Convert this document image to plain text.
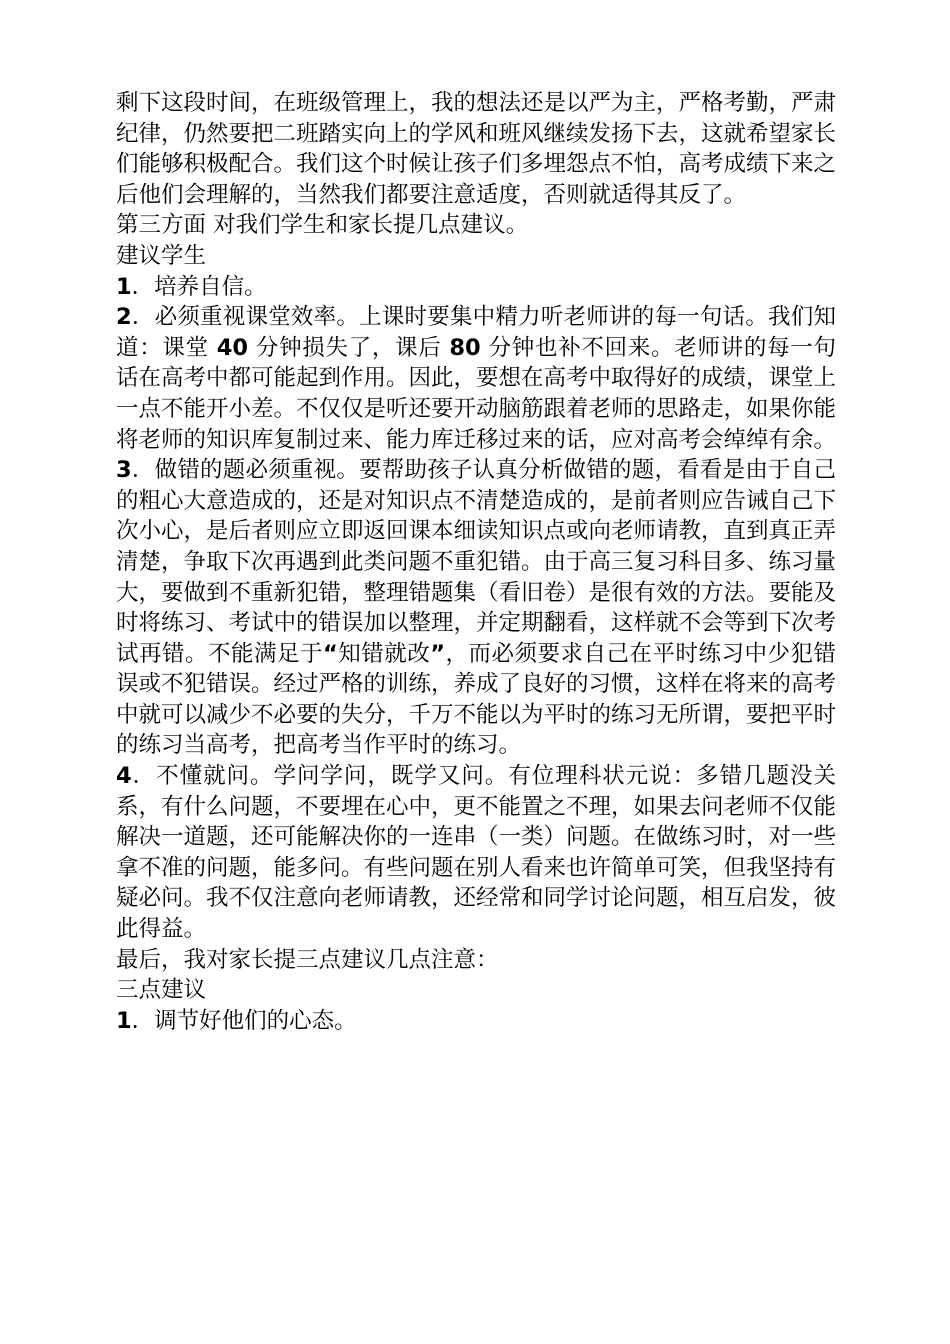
剩下这段时间，在班级管理上，我的想法还是以严为主，严格考勤，严肃纪律，仍然要把二班踏实向上的学风和班风继续发扬下去，这就希望家长们能够积极配合。我们这个时候让孩子们多埋怨点不怕，高考成绩下来之后他们会理解的，当然我们都要注意适度，否则就适得其反了。

第三方面 对我们学生和家长提几点建议。

建议学生

1．培养自信。

2．必须重视课堂效率。上课时要集中精力听老师讲的每一句话。我们知道：课堂 40 分钟损失了，课后 80 分钟也补不回来。老师讲的每一句话在高考中都可能起到作用。因此，要想在高考中取得好的成绩，课堂上一点不能开小差。不仅仅是听还要开动脑筋跟着老师的思路走，如果你能将老师的知识库复制过来、能力库迁移过来的话，应对高考会绰绰有余。

3．做错的题必须重视。要帮助孩子认真分析做错的题，看看是由于自己的粗心大意造成的，还是对知识点不清楚造成的，是前者则应告诫自己下次小心，是后者则应立即返回课本细读知识点或向老师请教，直到真正弄清楚，争取下次再遇到此类问题不重犯错。由于高三复习科目多、练习量大，要做到不重新犯错，整理错题集（看旧卷）是很有效的方法。要能及时将练习、考试中的错误加以整理，并定期翻看，这样就不会等到下次考试再错。不能满足于“知错就改”，而必须要求自己在平时练习中少犯错误或不犯错误。经过严格的训练，养成了良好的习惯，这样在将来的高考中就可以减少不必要的失分，千万不能以为平时的练习无所谓，要把平时的练习当高考，把高考当作平时的练习。

4．不懂就问。学问学问，既学又问。有位理科状元说：多错几题没关系，有什么问题，不要埋在心中，更不能置之不理，如果去问老师不仅能解决一道题，还可能解决你的一连串（一类）问题。在做练习时，对一些拿不准的问题，能多问。有些问题在别人看来也许简单可笑，但我坚持有疑必问。我不仅注意向老师请教，还经常和同学讨论问题，相互启发，彼此得益。

最后，我对家长提三点建议几点注意：

三点建议

1．调节好他们的心态。
